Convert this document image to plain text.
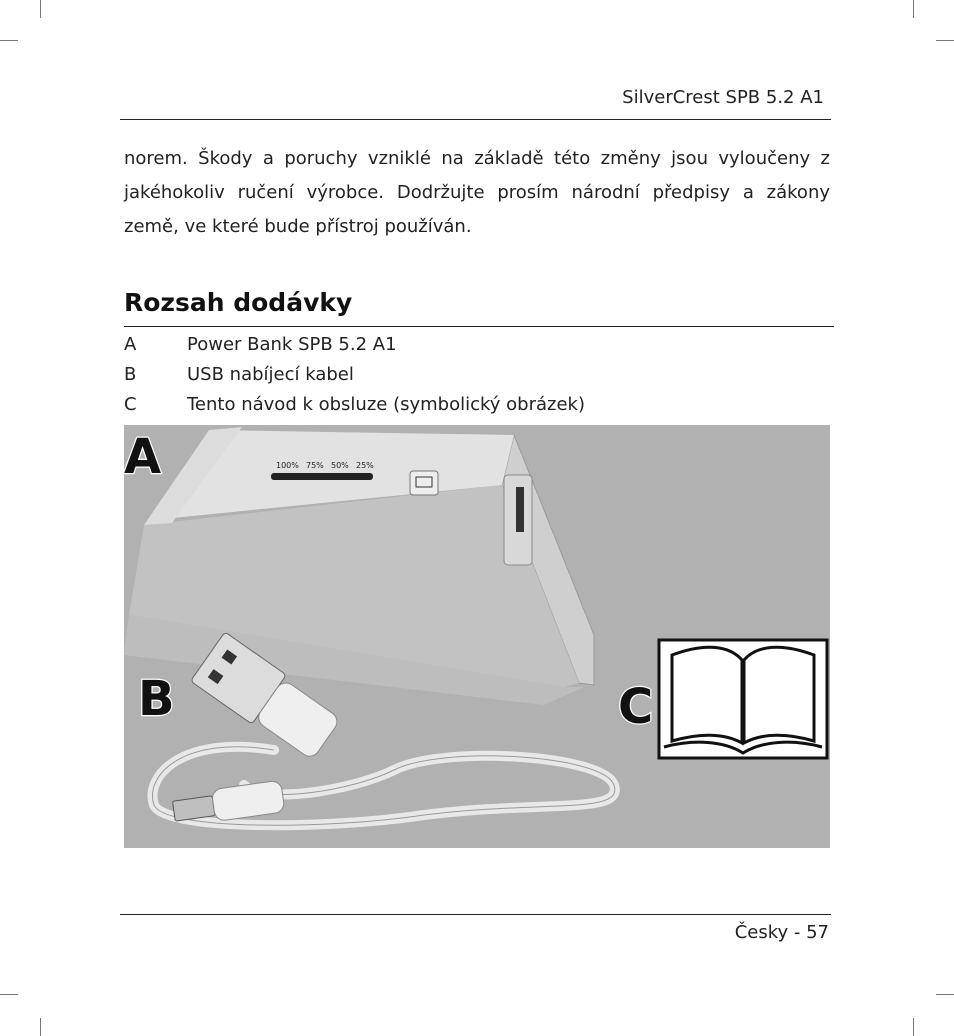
SilverCrest SPB 5.2 A1
norem. Škody a poruchy vzniklé na základě této změny jsou vyloučeny z jakéhokoliv ručení výrobce. Dodržujte prosím národní předpisy a zákony země, ve které bude přístroj používán.
Rozsah dodávky
A	Power Bank SPB 5.2 A1
B	USB nabíjecí kabel
C	Tento návod k obsluze (symbolický obrázek)
100% 75% 50% 25%
A
B	C
Česky - 57
